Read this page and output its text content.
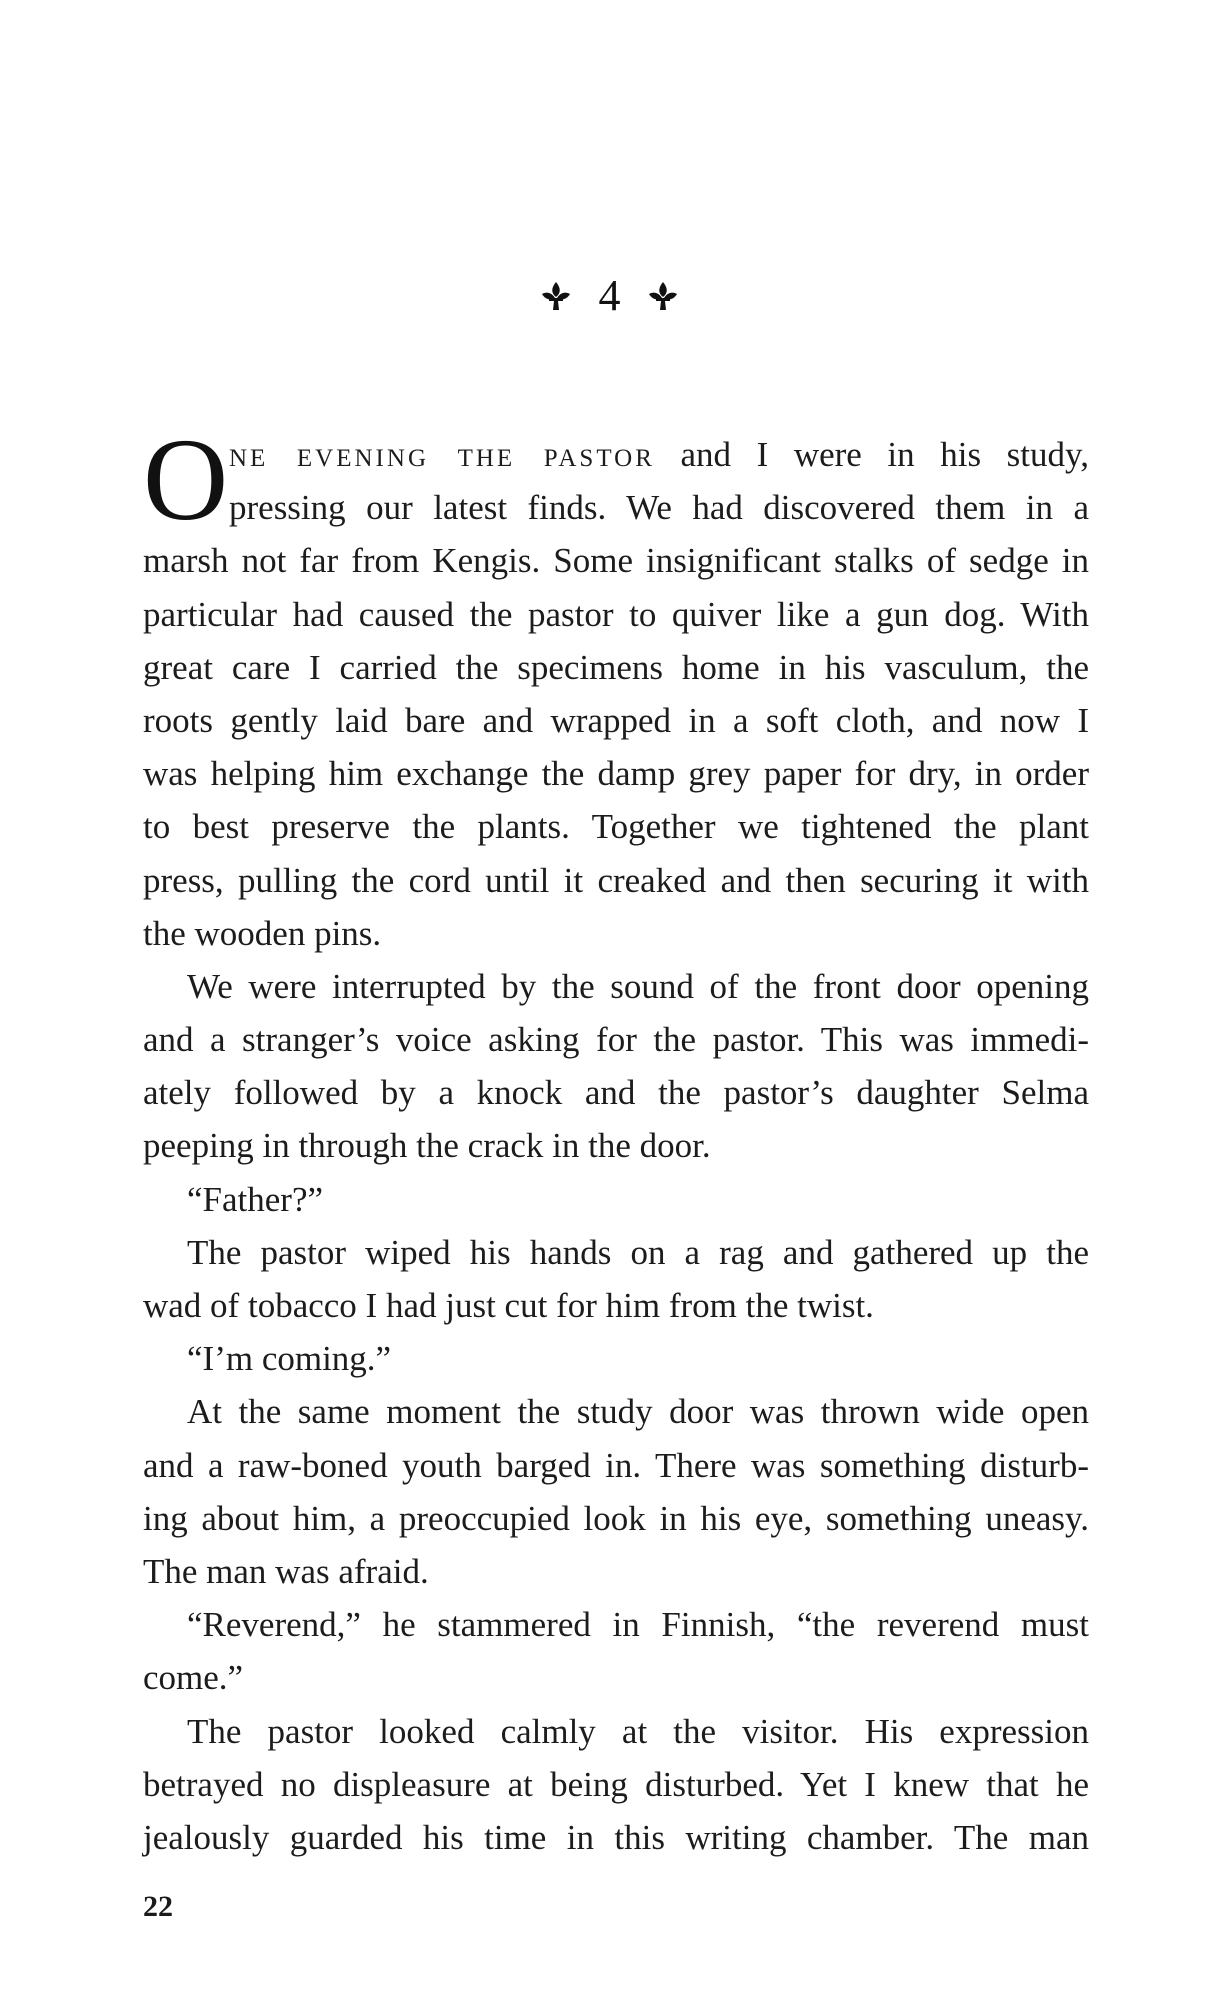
4
O ne evening the pastor and I were in his study,
pressing our latest finds. We had discovered them in a
marsh not far from Kengis. Some insignificant stalks of sedge in
particular had caused the pastor to quiver like a gun dog. With
great care I carried the specimens home in his vasculum, the
roots gently laid bare and wrapped in a soft cloth, and now I
was helping him exchange the damp grey paper for dry, in order
to best preserve the plants. Together we tightened the plant
press, pulling the cord until it creaked and then securing it with
the wooden pins.
We were interrupted by the sound of the front door opening
and a stranger’s voice asking for the pastor. This was immedi-
ately followed by a knock and the pastor’s daughter Selma
peeping in through the crack in the door.
“Father?”
The pastor wiped his hands on a rag and gathered up the
wad of tobacco I had just cut for him from the twist.
“I’m coming.”
At the same moment the study door was thrown wide open
and a raw-boned youth barged in. There was something disturb-
ing about him, a preoccupied look in his eye, something uneasy.
The man was afraid.
“Reverend,” he stammered in Finnish, “the reverend must
come.”
The pastor looked calmly at the visitor. His expression
betrayed no displeasure at being disturbed. Yet I knew that he
jealously guarded his time in this writing chamber. The man
22
